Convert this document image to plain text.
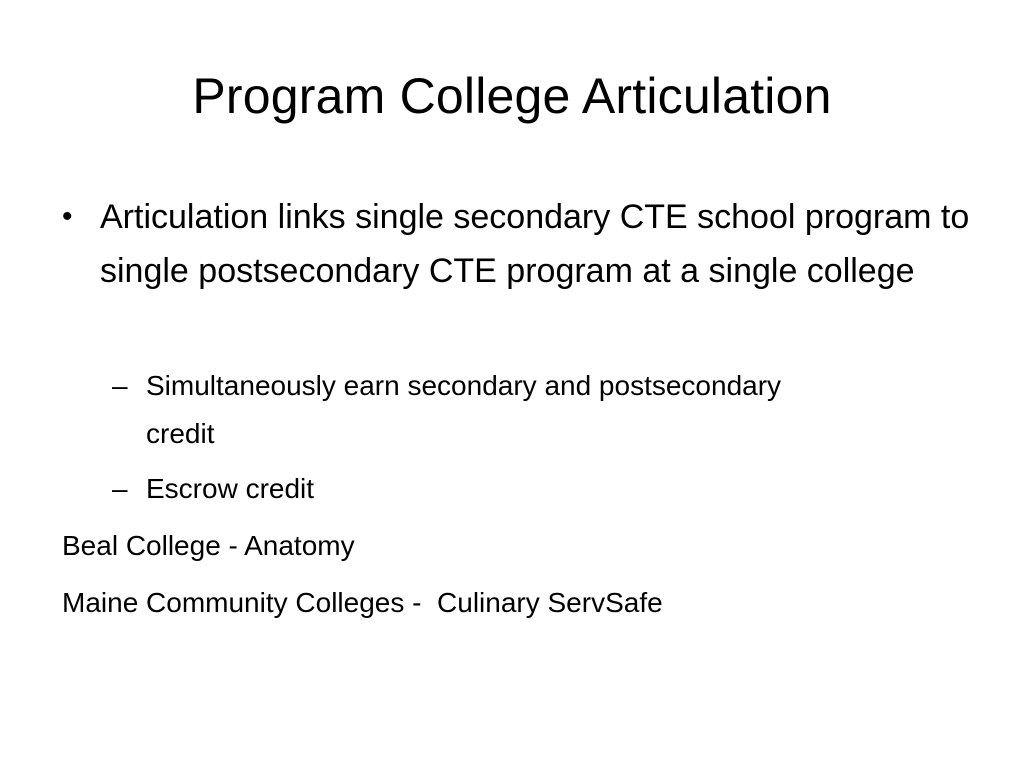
Program College Articulation
• Articulation links single secondary CTE school program to single postsecondary CTE program at a single college
– Simultaneously earn secondary and postsecondary credit
– Escrow credit
Beal College - Anatomy
Maine Community Colleges -  Culinary ServSafe
